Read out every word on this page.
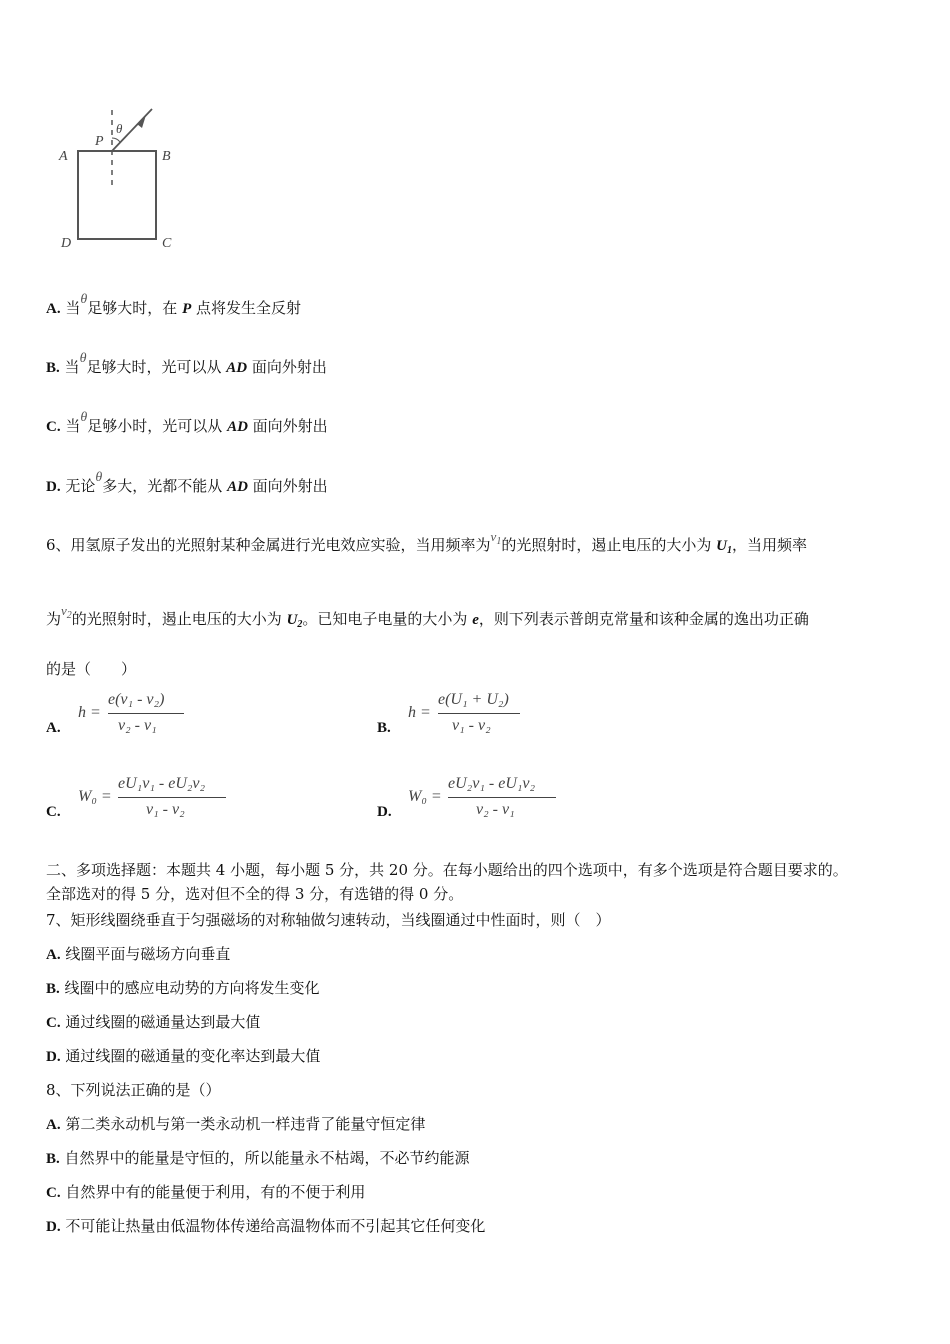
P
θ
A	B
D	C
A. 当θ足够大时，在 P 点将发生全反射
B. 当θ足够大时，光可以从 AD 面向外射出
C. 当θ足够小时，光可以从 AD 面向外射出
D. 无论θ多大，光都不能从 AD 面向外射出
6、用氢原子发出的光照射某种金属进行光电效应实验，当用频率为$\nu_1$的光照射时，遏止电压的大小为 $U_1$，当用频率
为$\nu_2$的光照射时，遏止电压的大小为 $U_2$。已知电子电量的大小为 e，则下列表示普朗克常量和该种金属的逸出功正确
的是（　　）
A.
h =
e(ν₁ - ν₂)
ν₂ - ν₁	B.
h =
e(U₁ + U₂)
ν₁ - ν₂
C.
W₀ =
eU₁ν₁ - eU₂ν₂
ν₁ - ν₂	D.
W₀ =
eU₂ν₁ - eU₁ν₂
ν₂ - ν₁
二、多项选择题：本题共 4 小题，每小题 5 分，共 20 分。在每小题给出的四个选项中，有多个选项是符合题目要求的。
全部选对的得 5 分，选对但不全的得 3 分，有选错的得 0 分。
7、矩形线圈绕垂直于匀强磁场的对称轴做匀速转动，当线圈通过中性面时，则（　）
A. 线圈平面与磁场方向垂直
B. 线圈中的感应电动势的方向将发生变化
C. 通过线圈的磁通量达到最大值
D. 通过线圈的磁通量的变化率达到最大值
8、下列说法正确的是（）
A. 第二类永动机与第一类永动机一样违背了能量守恒定律
B. 自然界中的能量是守恒的，所以能量永不枯竭，不必节约能源
C. 自然界中有的能量便于利用，有的不便于利用
D. 不可能让热量由低温物体传递给高温物体而不引起其它任何变化
